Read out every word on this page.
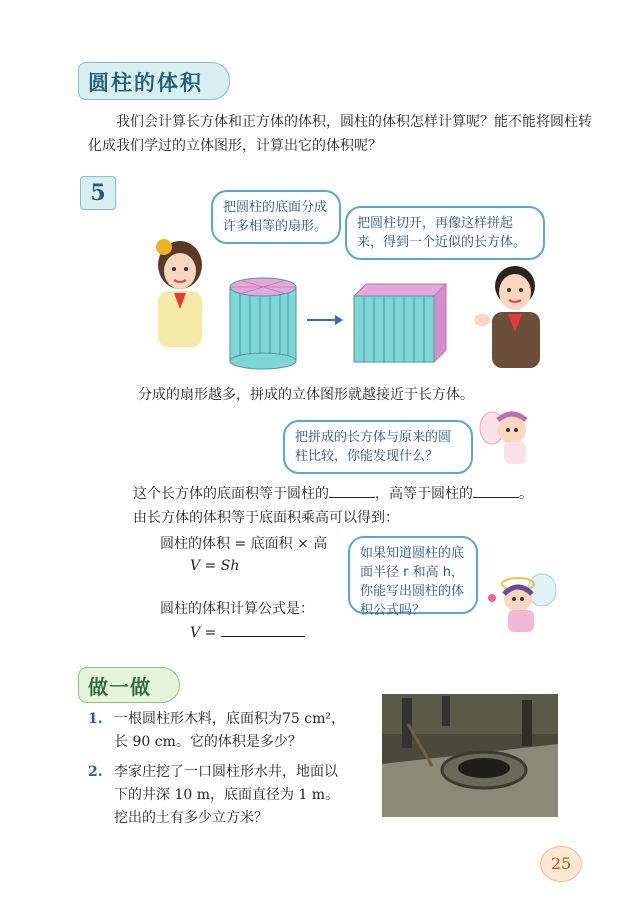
圆柱的体积
我们会计算长方体和正方体的体积，圆柱的体积怎样计算呢？能不能将圆柱转化成我们学过的立体图形，计算出它的体积呢？
5
把圆柱的底面分成许多相等的扇形。	把圆柱切开，再像这样拼起来，得到一个近似的长方体。
分成的扇形越多，拼成的立体图形就越接近于长方体。
把拼成的长方体与原来的圆柱比较，你能发现什么？
这个长方体的底面积等于圆柱的	，高等于圆柱的	。
由长方体的体积等于底面积乘高可以得到：
圆柱的体积 = 底面积 × 高
V = Sh
如果知道圆柱的底面半径 r 和高 h，你能写出圆柱的体积公式吗？
圆柱的体积计算公式是：
V =
做一做
1. 一根圆柱形木料，底面积为75 cm²，长 90 cm。它的体积是多少？
2. 李家庄挖了一口圆柱形水井，地面以下的井深 10 m，底面直径为 1 m。挖出的土有多少立方米？
25
